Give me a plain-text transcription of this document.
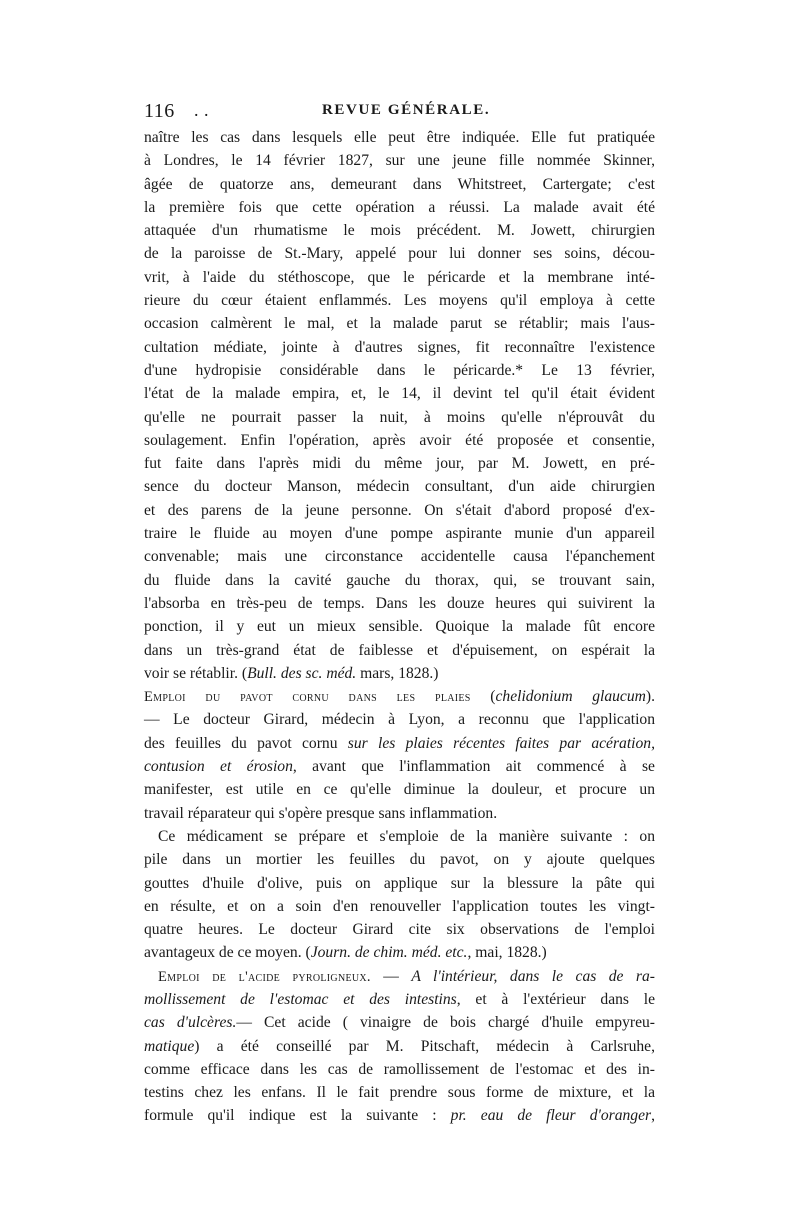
116 . .	REVUE GÉNÉRALE.
naître les cas dans lesquels elle peut être indiquée. Elle fut pratiquée
à Londres, le 14 février 1827, sur une jeune fille nommée Skinner,
âgée de quatorze ans, demeurant dans Whitstreet, Cartergate; c'est
la première fois que cette opération a réussi. La malade avait été
attaquée d'un rhumatisme le mois précédent. M. Jowett, chirurgien
de la paroisse de St.-Mary, appelé pour lui donner ses soins, décou-
vrit, à l'aide du stéthoscope, que le péricarde et la membrane inté-
rieure du cœur étaient enflammés. Les moyens qu'il employa à cette
occasion calmèrent le mal, et la malade parut se rétablir; mais l'aus-
cultation médiate, jointe à d'autres signes, fit reconnaître l'existence
d'une hydropisie considérable dans le péricarde.* Le 13 février,
l'état de la malade empira, et, le 14, il devint tel qu'il était évident
qu'elle ne pourrait passer la nuit, à moins qu'elle n'éprouvât du
soulagement. Enfin l'opération, après avoir été proposée et consentie,
fut faite dans l'après midi du même jour, par M. Jowett, en pré-
sence du docteur Manson, médecin consultant, d'un aide chirurgien
et des parens de la jeune personne. On s'était d'abord proposé d'ex-
traire le fluide au moyen d'une pompe aspirante munie d'un appareil
convenable; mais une circonstance accidentelle causa l'épanchement
du fluide dans la cavité gauche du thorax, qui, se trouvant sain,
l'absorba en très-peu de temps. Dans les douze heures qui suivirent la
ponction, il y eut un mieux sensible. Quoique la malade fût encore
dans un très-grand état de faiblesse et d'épuisement, on espérait la
voir se rétablir. (Bull. des sc. méd. mars, 1828.)
Emploi du pavot cornu dans les plaies (chelidonium glaucum).
— Le docteur Girard, médecin à Lyon, a reconnu que l'application
des feuilles du pavot cornu sur les plaies récentes faites par acération,
contusion et érosion, avant que l'inflammation ait commencé à se
manifester, est utile en ce qu'elle diminue la douleur, et procure un
travail réparateur qui s'opère presque sans inflammation.
Ce médicament se prépare et s'emploie de la manière suivante : on
pile dans un mortier les feuilles du pavot, on y ajoute quelques
gouttes d'huile d'olive, puis on applique sur la blessure la pâte qui
en résulte, et on a soin d'en renouveller l'application toutes les vingt-
quatre heures. Le docteur Girard cite six observations de l'emploi
avantageux de ce moyen. (Journ. de chim. méd. etc., mai, 1828.)
Emploi de l'acide pyroligneux. — A l'intérieur, dans le cas de ra-
mollissement de l'estomac et des intestins, et à l'extérieur dans le
cas d'ulcères.— Cet acide ( vinaigre de bois chargé d'huile empyreu-
matique) a été conseillé par M. Pitschaft, médecin à Carlsruhe,
comme efficace dans les cas de ramollissement de l'estomac et des in-
testins chez les enfans. Il le fait prendre sous forme de mixture, et la
formule qu'il indique est la suivante : pr. eau de fleur d'oranger,
